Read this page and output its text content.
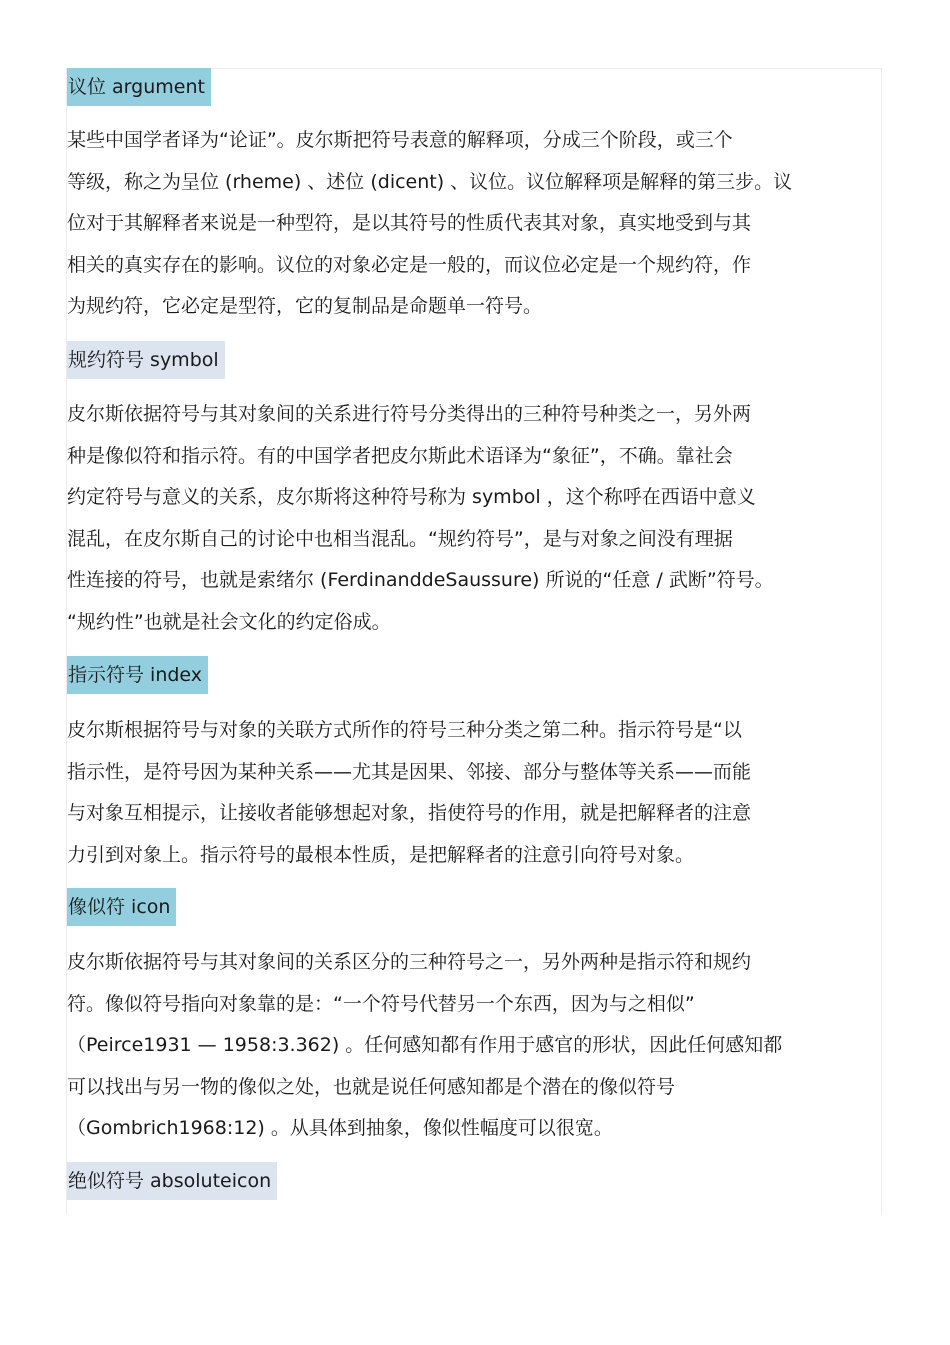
议位 argument
某些中国学者译为“论证”。皮尔斯把符号表意的解释项，分成三个阶段，或三个
等级，称之为呈位 (rheme) 、述位 (dicent) 、议位。议位解释项是解释的第三步。议
位对于其解释者来说是一种型符，是以其符号的性质代表其对象，真实地受到与其
相关的真实存在的影响。议位的对象必定是一般的，而议位必定是一个规约符，作
为规约符，它必定是型符，它的复制品是命题单一符号。
规约符号 symbol
皮尔斯依据符号与其对象间的关系进行符号分类得出的三种符号种类之一，另外两
种是像似符和指示符。有的中国学者把皮尔斯此术语译为“象征”，不确。靠社会
约定符号与意义的关系，皮尔斯将这种符号称为 symbol ，这个称呼在西语中意义
混乱，在皮尔斯自己的讨论中也相当混乱。“规约符号”，是与对象之间没有理据
性连接的符号，也就是索绪尔 (FerdinanddeSaussure) 所说的“任意 / 武断”符号。
“规约性”也就是社会文化的约定俗成。
指示符号 index
皮尔斯根据符号与对象的关联方式所作的符号三种分类之第二种。指示符号是“以
指示性，是符号因为某种关系——尤其是因果、邻接、部分与整体等关系——而能
与对象互相提示，让接收者能够想起对象，指使符号的作用，就是把解释者的注意
力引到对象上。指示符号的最根本性质，是把解释者的注意引向符号对象。
像似符 icon
皮尔斯依据符号与其对象间的关系区分的三种符号之一，另外两种是指示符和规约
符。像似符号指向对象靠的是：“一个符号代替另一个东西，因为与之相似”
（Peirce1931 — 1958:3.362) 。任何感知都有作用于感官的形状，因此任何感知都
可以找出与另一物的像似之处，也就是说任何感知都是个潜在的像似符号
（Gombrich1968:12) 。从具体到抽象，像似性幅度可以很宽。
绝似符号 absoluteicon
